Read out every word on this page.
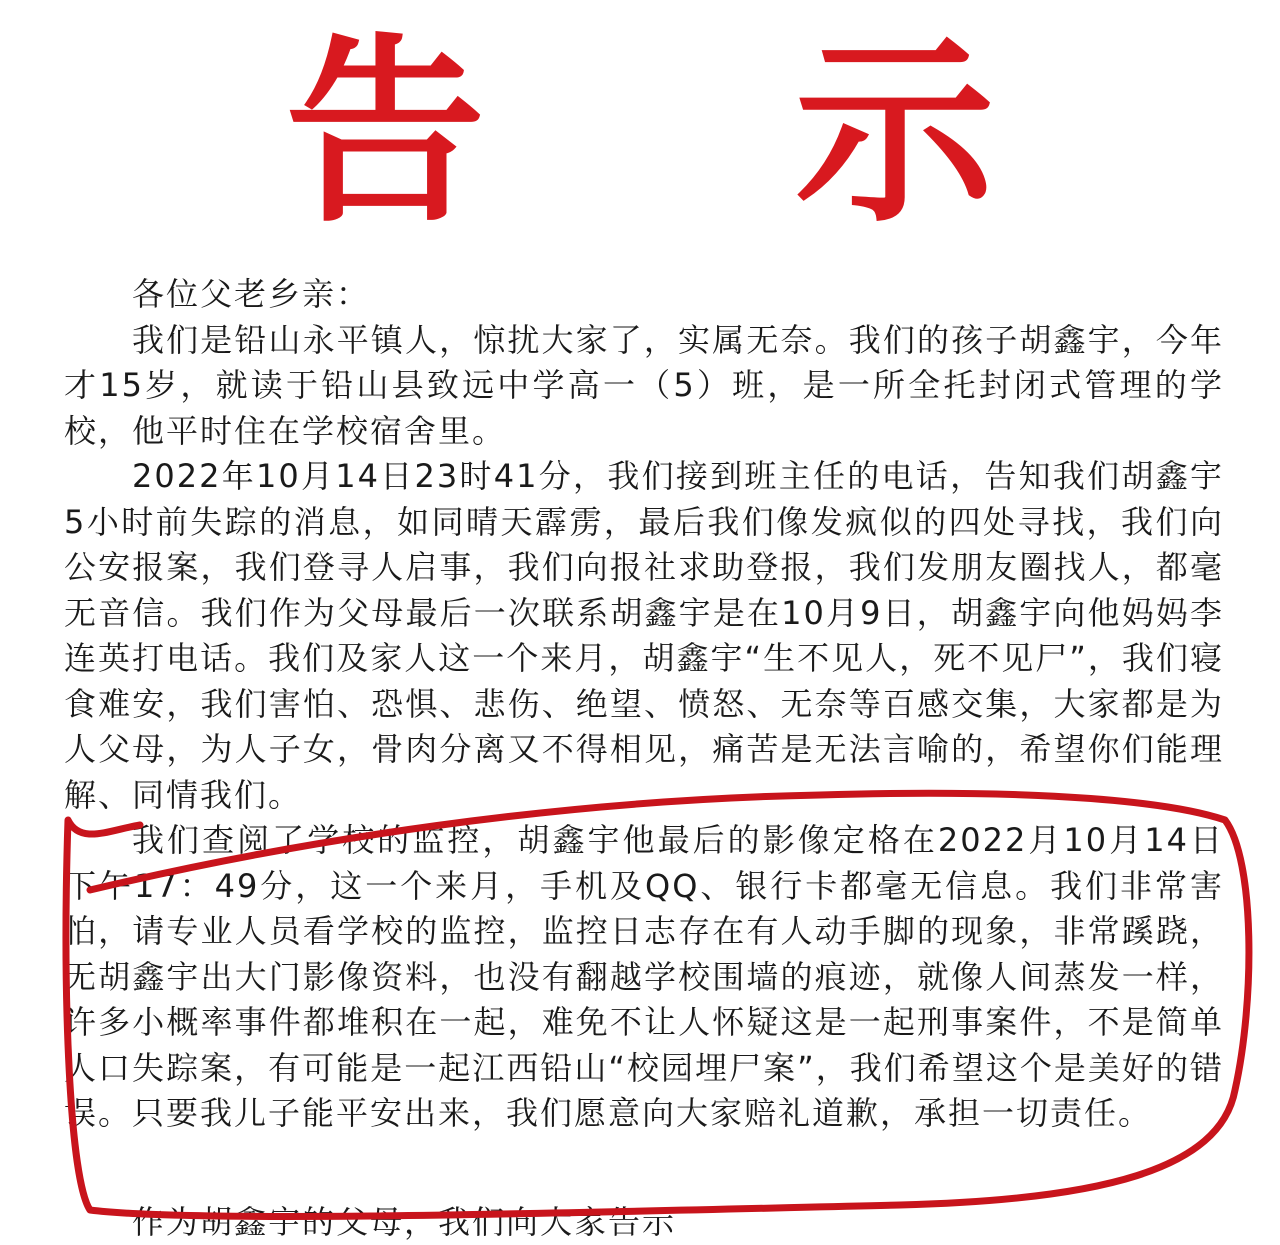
告 示

各位父老乡亲：

我们是铅山永平镇人，惊扰大家了，实属无奈。我们的孩子胡鑫宇，今年才15岁，就读于铅山县致远中学高一（5）班，是一所全托封闭式管理的学校，他平时住在学校宿舍里。

2022年10月14日23时41分，我们接到班主任的电话，告知我们胡鑫宇5小时前失踪的消息，如同晴天霹雳，最后我们像发疯似的四处寻找，我们向公安报案，我们登寻人启事，我们向报社求助登报，我们发朋友圈找人，都毫无音信。我们作为父母最后一次联系胡鑫宇是在10月9日，胡鑫宇向他妈妈李连英打电话。我们及家人这一个来月，胡鑫宇“生不见人，死不见尸”，我们寝食难安，我们害怕、恐惧、悲伤、绝望、愤怒、无奈等百感交集，大家都是为人父母，为人子女，骨肉分离又不得相见，痛苦是无法言喻的，希望你们能理解、同情我们。

我们查阅了学校的监控，胡鑫宇他最后的影像定格在2022月10月14日下午17：49分，这一个来月，手机及QQ、银行卡都毫无信息。我们非常害怕，请专业人员看学校的监控，监控日志存在有人动手脚的现象，非常蹊跷，无胡鑫宇出大门影像资料，也没有翻越学校围墙的痕迹，就像人间蒸发一样，许多小概率事件都堆积在一起，难免不让人怀疑这是一起刑事案件，不是简单人口失踪案，有可能是一起江西铅山“校园埋尸案”，我们希望这个是美好的错误。只要我儿子能平安出来，我们愿意向大家赔礼道歉，承担一切责任。

作为胡鑫宇的父母，我们向大家告示
